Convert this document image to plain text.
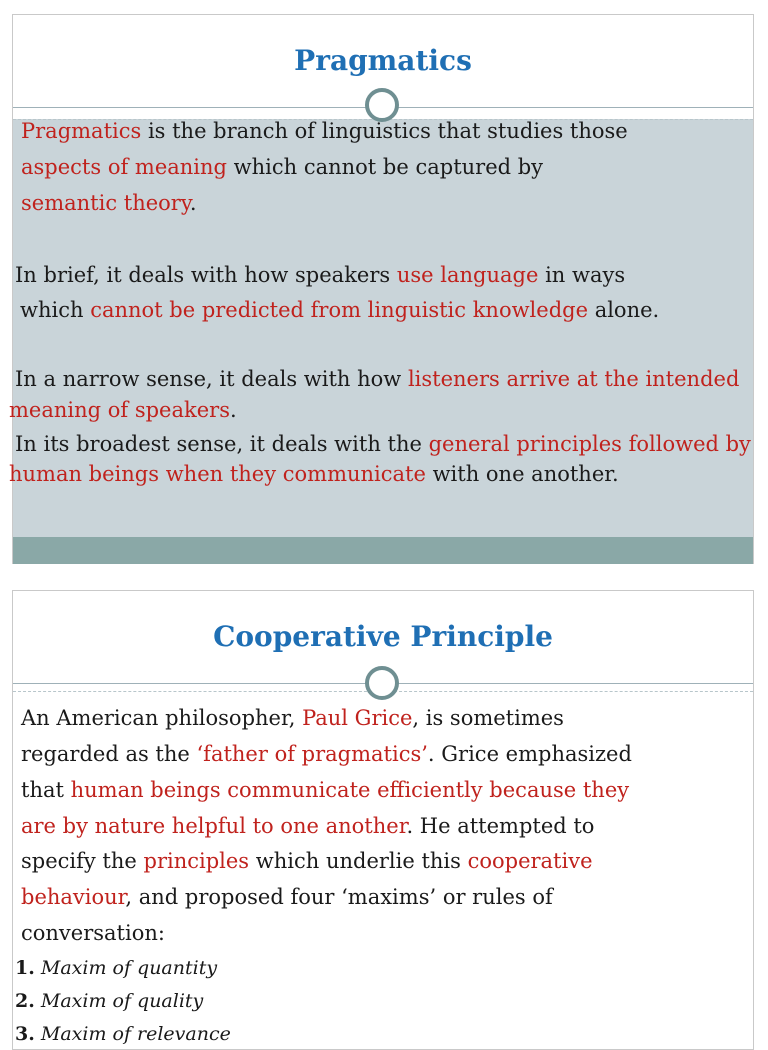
Pragmatics
Pragmatics is the branch of linguistics that studies those
aspects of meaning which cannot be captured by
semantic theory.
In brief, it deals with how speakers use language in ways
which cannot be predicted from linguistic knowledge alone.
In a narrow sense, it deals with how listeners arrive at the intended
meaning of speakers.
In its broadest sense, it deals with the general principles followed by
human beings when they communicate with one another.
Cooperative Principle
An American philosopher, Paul Grice, is sometimes
regarded as the ‘father of pragmatics’. Grice emphasized
that human beings communicate efficiently because they
are by nature helpful to one another. He attempted to
specify the principles which underlie this cooperative
behaviour, and proposed four ‘maxims’ or rules of
conversation:
1. Maxim of quantity
2. Maxim of quality
3. Maxim of relevance
